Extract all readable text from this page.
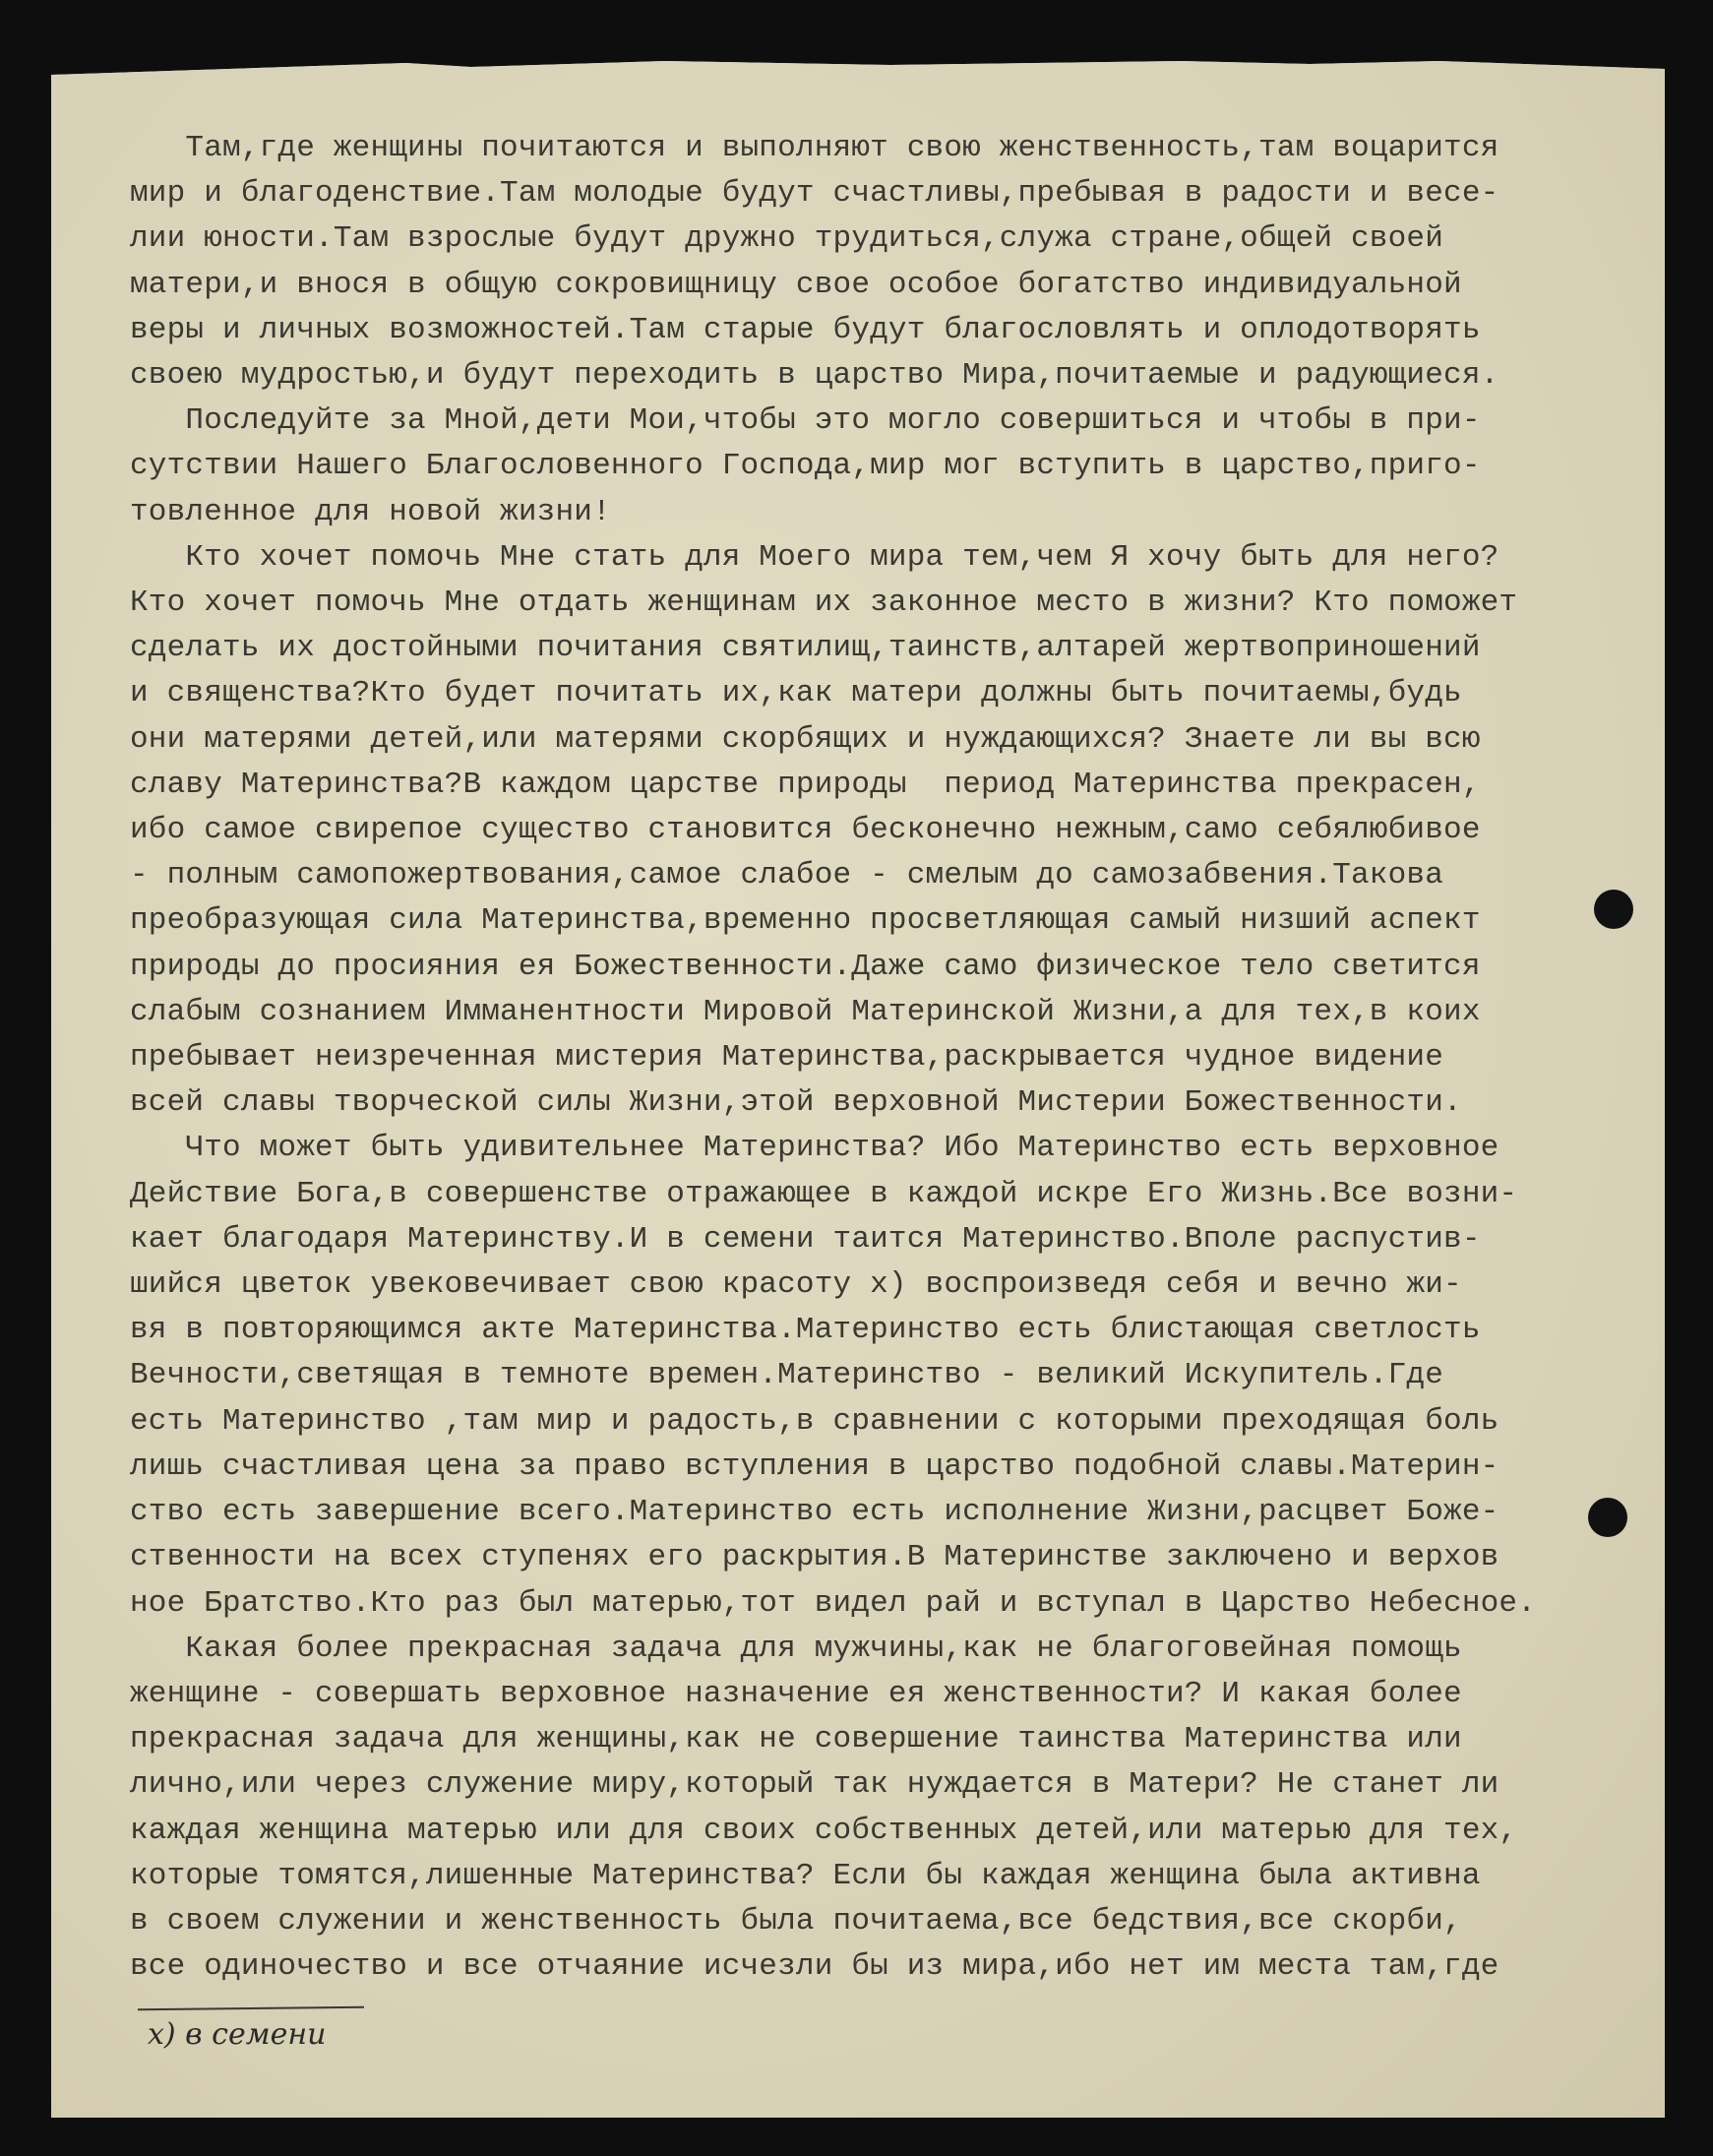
Там,где женщины почитаются и выполняют свою женственность,там воцарится
мир и благоденствие.Там молодые будут счастливы,пребывая в радости и весе-
лии юности.Там взрослые будут дружно трудиться,служа стране,общей своей
матери,и внося в общую сокровищницу свое особое богатство индивидуальной
веры и личных возможностей.Там старые будут благословлять и оплодотворять
своею мудростью,и будут переходить в царство Мира,почитаемые и радующиеся.
Последуйте за Мной,дети Мои,чтобы это могло совершиться и чтобы в при-
сутствии Нашего Благословенного Господа,мир мог вступить в царство,приго-
товленное для новой жизни!
Кто хочет помочь Мне стать для Моего мира тем,чем Я хочу быть для него?
Кто хочет помочь Мне отдать женщинам их законное место в жизни? Кто поможет
сделать их достойными почитания святилищ,таинств,алтарей жертвоприношений
и священства?Кто будет почитать их,как матери должны быть почитаемы,будь
они матерями детей,или матерями скорбящих и нуждающихся? Знаете ли вы всю
славу Материнства?В каждом царстве природы  период Материнства прекрасен,
ибо самое свирепое существо становится бесконечно нежным,само себялюбивое
- полным самопожертвования,самое слабое - смелым до самозабвения.Такова
преобразующая сила Материнства,временно просветляющая самый низший аспект
природы до просияния ея Божественности.Даже само физическое тело светится
слабым сознанием Имманентности Мировой Материнской Жизни,а для тех,в коих
пребывает неизреченная мистерия Материнства,раскрывается чудное видение
всей славы творческой силы Жизни,этой верховной Мистерии Божественности.
Что может быть удивительнее Материнства? Ибо Материнство есть верховное
Действие Бога,в совершенстве отражающее в каждой искре Его Жизнь.Все возни-
кает благодаря Материнству.И в семени таится Материнство.Вполе распустив-
шийся цветок увековечивает свою красоту x) воспроизведя себя и вечно жи-
вя в повторяющимся акте Материнства.Материнство есть блистающая светлость
Вечности,светящая в темноте времен.Материнство - великий Искупитель.Где
есть Материнство ,там мир и радость,в сравнении с которыми преходящая боль
лишь счастливая цена за право вступления в царство подобной славы.Материн-
ство есть завершение всего.Материнство есть исполнение Жизни,расцвет Боже-
ственности на всех ступенях его раскрытия.В Материнстве заключено и верхов
ное Братство.Кто раз был матерью,тот видел рай и вступал в Царство Небесное.
Какая более прекрасная задача для мужчины,как не благоговейная помощь
женщине - совершать верховное назначение ея женственности? И какая более
прекрасная задача для женщины,как не совершение таинства Материнства или
лично,или через служение миру,который так нуждается в Матери? Не станет ли
каждая женщина матерью или для своих собственных детей,или матерью для тех,
которые томятся,лишенные Материнства? Если бы каждая женщина была активна
в своем служении и женственность была почитаема,все бедствия,все скорби,
все одиночество и все отчаяние исчезли бы из мира,ибо нет им места там,где
x) в семени
